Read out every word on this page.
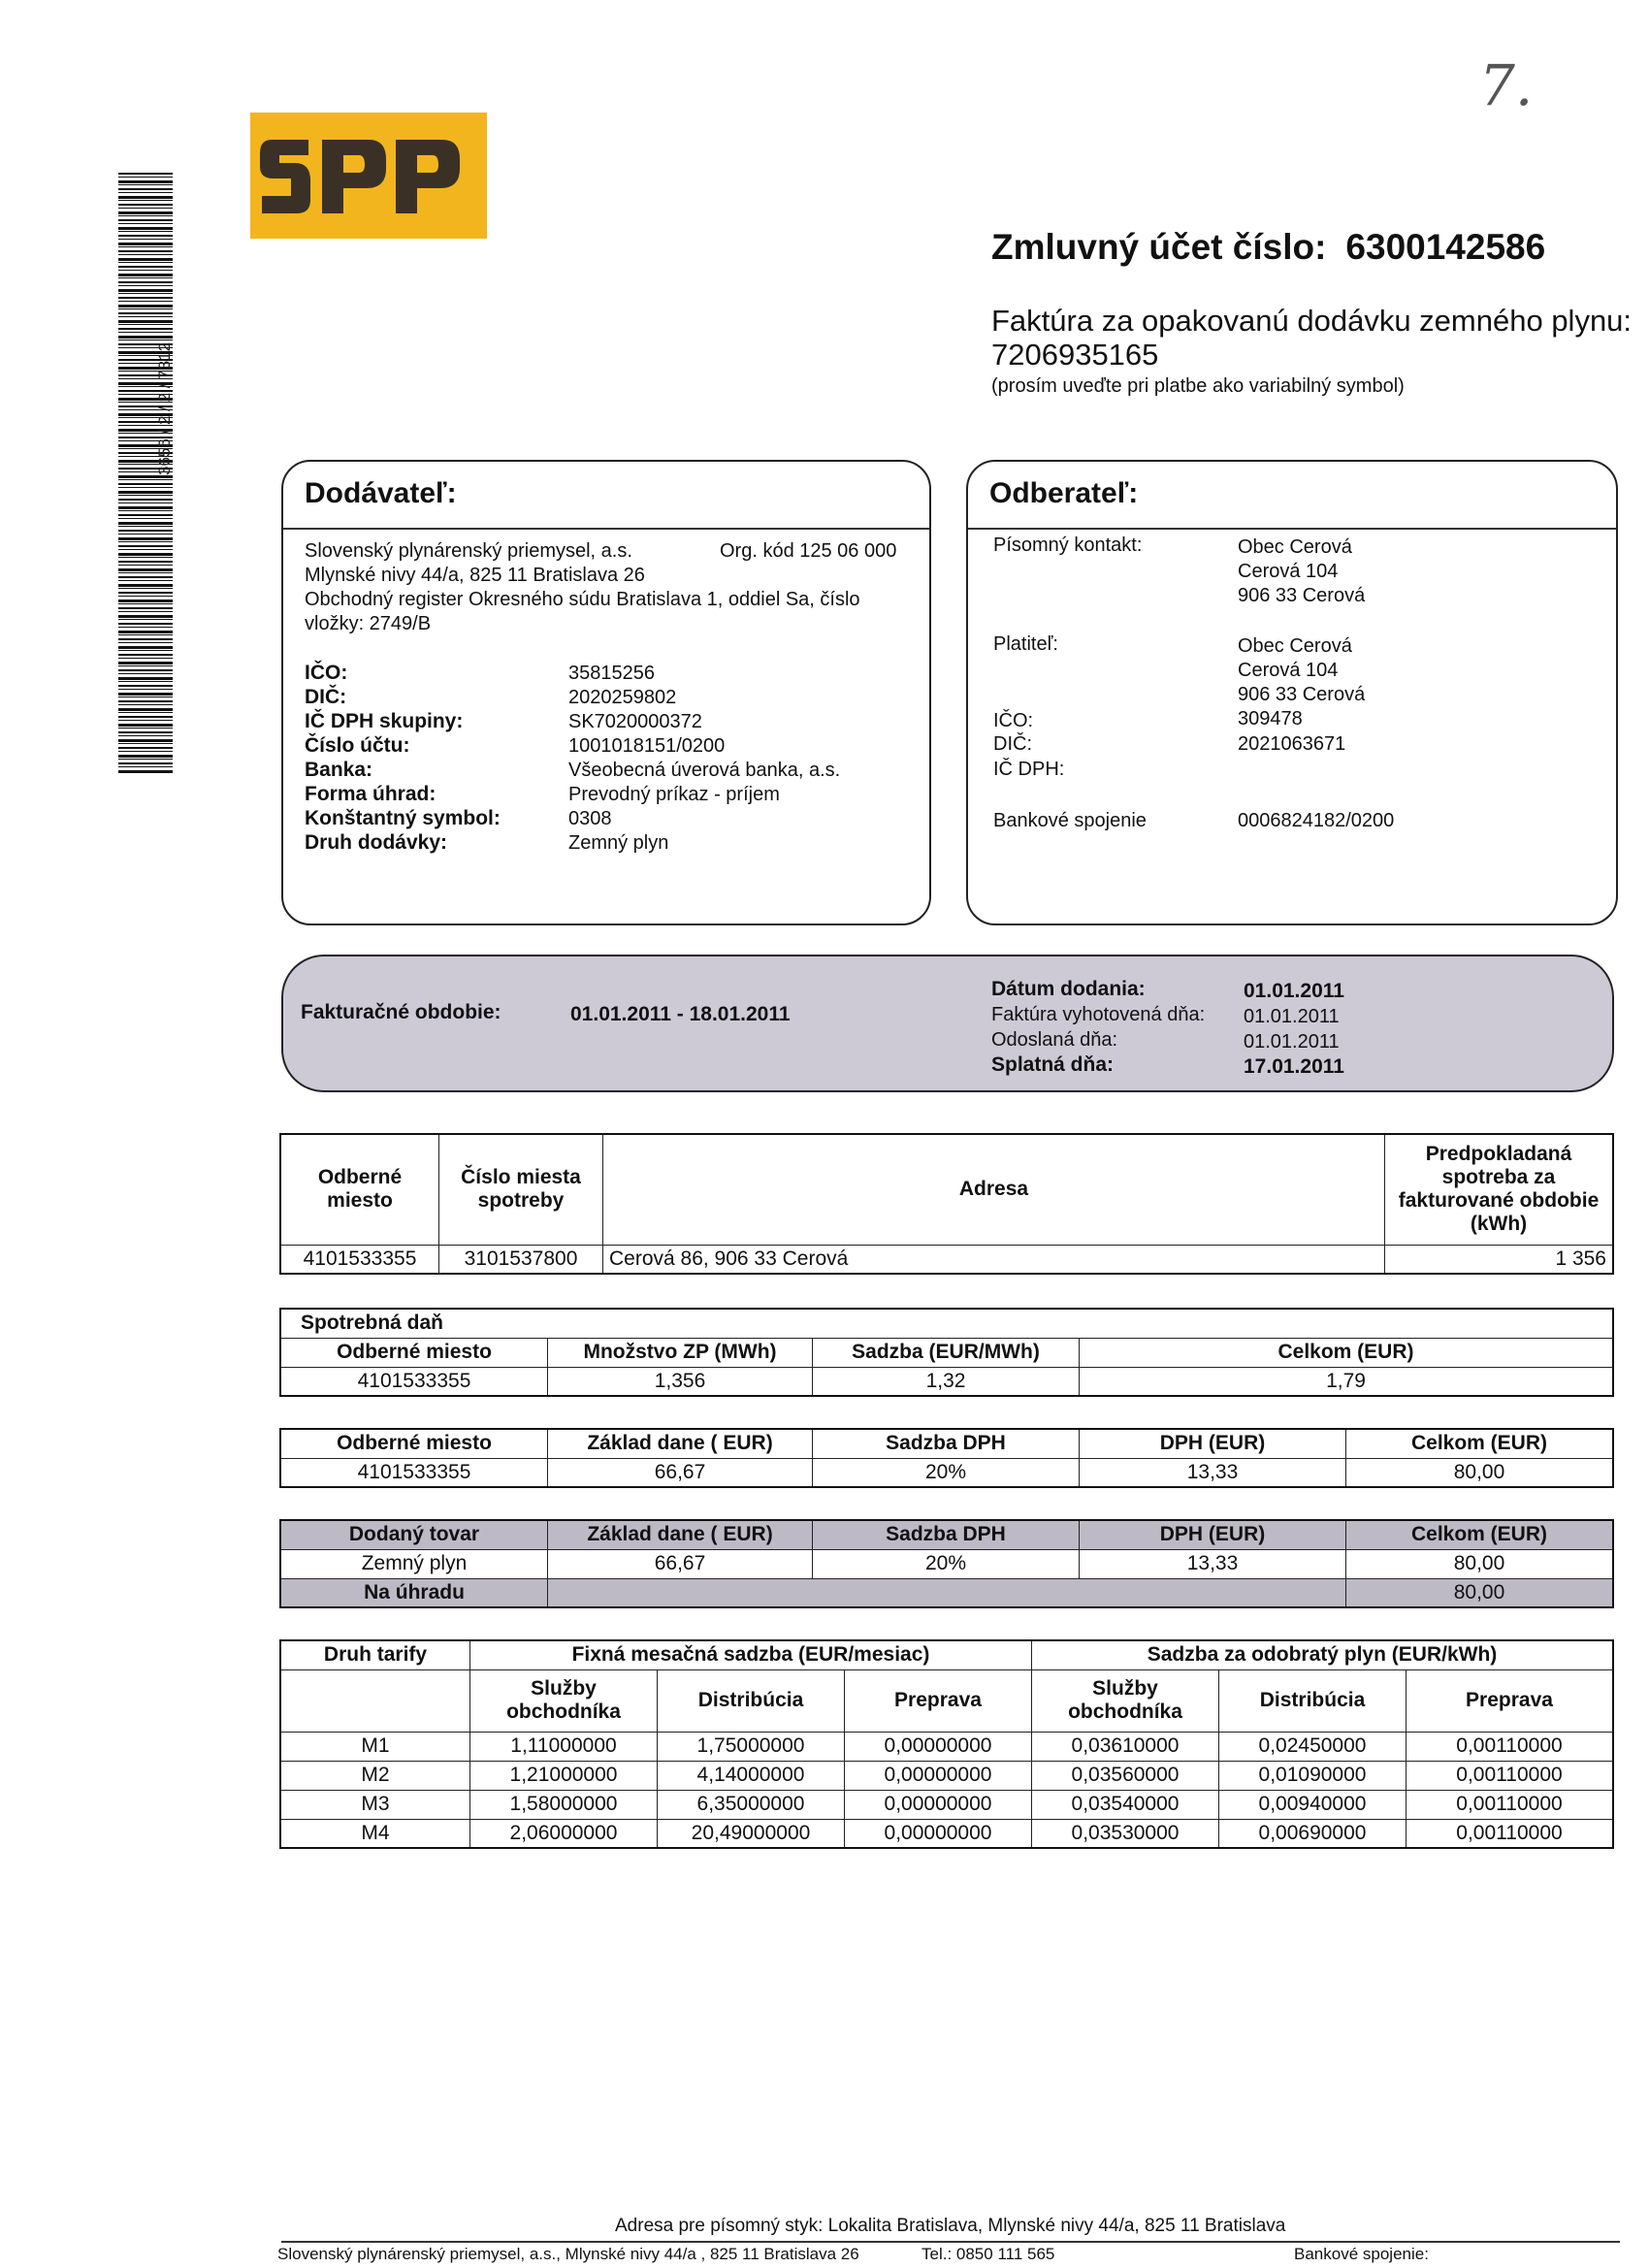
3656 / 2 / 2 / 7312
7.
Zmluvný účet číslo: 6300142586
Faktúra za opakovanú dodávku zemného plynu:
7206935165
(prosím uveďte pri platbe ako variabilný symbol)
Dodávateľ:
Slovenský plynárenský priemysel, a.s.	Org. kód 125 06 000
Mlynské nivy 44/a, 825 11 Bratislava 26
Obchodný register Okresného súdu Bratislava 1, oddiel Sa, číslo
vložky: 2749/B
IČO:	35815256
DIČ:	2020259802
IČ DPH skupiny:	SK7020000372
Číslo účtu:	1001018151/0200
Banka:	Všeobecná úverová banka, a.s.
Forma úhrad:	Prevodný príkaz - príjem
Konštantný symbol:	0308
Druh dodávky:	Zemný plyn
Odberateľ:
Písomný kontakt:	Obec Cerová
Cerová 104
906 33 Cerová
Platiteľ:	Obec Cerová
Cerová 104
906 33 Cerová
IČO:	309478
DIČ:	2021063671
IČ DPH:
Bankové spojenie	0006824182/0200
Fakturačné obdobie:	01.01.2011 - 18.01.2011
Dátum dodania:	01.01.2011
Faktúra vyhotovená dňa: 01.01.2011
Odoslaná dňa:	01.01.2011
Splatná dňa:	17.01.2011
Odberné miesto	Číslo miesta spotreby	Adresa	Predpokladaná spotreba za fakturované obdobie (kWh)
4101533355	3101537800	Cerová 86, 906 33 Cerová	1 356
Spotrebná daň			
Odberné miesto	Množstvo ZP (MWh)	Sadzba (EUR/MWh)	Celkom (EUR)
4101533355	1,356	1,32	1,79
Odberné miesto	Základ dane ( EUR)	Sadzba DPH	DPH (EUR)	Celkom (EUR)
4101533355	66,67	20%	13,33	80,00
Dodaný tovar	Základ dane ( EUR)	Sadzba DPH	DPH (EUR)	Celkom (EUR)
Zemný plyn	66,67	20%	13,33	80,00
Na úhradu				80,00
Druh tarify	Fixná mesačná sadzba (EUR/mesiac)			Sadzba za odobratý plyn (EUR/kWh)		
	Služby obchodníka	Distribúcia	Preprava	Služby obchodníka	Distribúcia	Preprava
M1	1,11000000	1,75000000	0,00000000	0,03610000	0,02450000	0,00110000
M2	1,21000000	4,14000000	0,00000000	0,03560000	0,01090000	0,00110000
M3	1,58000000	6,35000000	0,00000000	0,03540000	0,00940000	0,00110000
M4	2,06000000	20,49000000	0,00000000	0,03530000	0,00690000	0,00110000
Adresa pre písomný styk: Lokalita Bratislava, Mlynské nivy 44/a, 825 11 Bratislava
Slovenský plynárenský priemysel, a.s., Mlynské nivy 44/a , 825 11 Bratislava 26	Tel.: 0850 111 565	Bankové spojenie:
